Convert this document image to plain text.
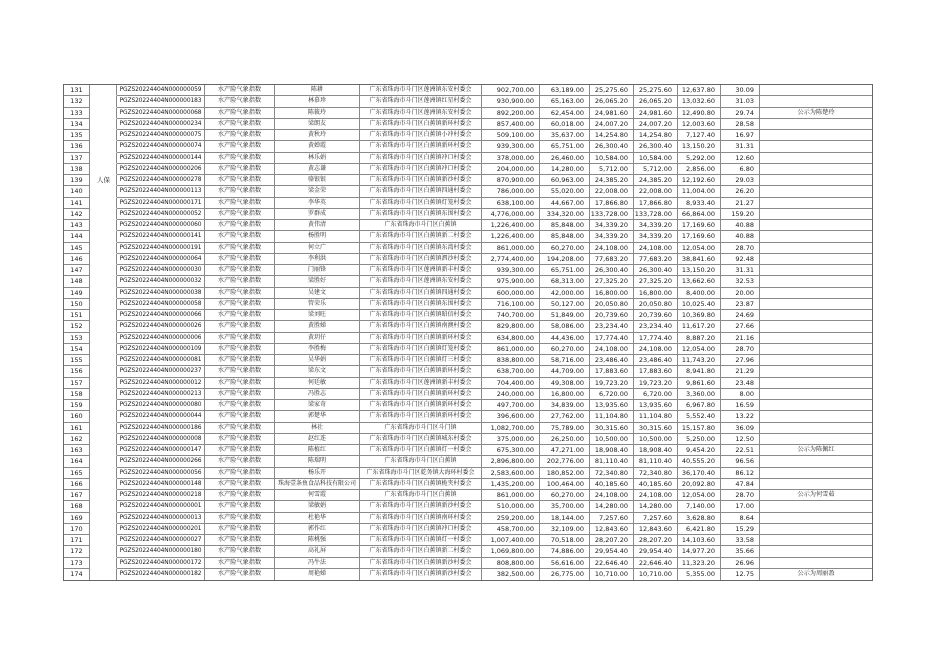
131	PGZS20224404N000000059	水产险气象指数	陈耕	广东省珠海市斗门区莲洲镇东安村委会	902,700.00	63,189.00	25,275.60	25,275.60	12,637.80	30.09
132	PGZS20224404N000000183	水产险气象指数	林慕珍	广东省珠海市斗门区莲洲镇红星村委会	930,900.00	65,163.00	26,065.20	26,065.20	13,032.60	31.03
133	PGZS20224404N000000068	水产险气象指数	陈筱玲	广东省珠海市斗门区莲洲镇东安村委会	892,200.00	62,454.00	24,981.60	24,981.60	12,490.80	29.74	公示为陈楚玲
134	PGZS20224404N000000234	水产险气象指数	梁朗友	广东省珠海市斗门区白蕉镇新环村委会	857,400.00	60,018.00	24,007.20	24,007.20	12,003.60	28.58
135	PGZS20224404N000000075	水产险气象指数	黄秋玲	广东省珠海市斗门区白蕉镇小冲村委会	509,100.00	35,637.00	14,254.80	14,254.80	7,127.40	16.97
136	PGZS20224404N000000074	水产险气象指数	黄婵霞	广东省珠海市斗门区白蕉镇新环村委会	939,300.00	65,751.00	26,300.40	26,300.40	13,150.20	31.31
137	PGZS20224404N000000144	水产险气象指数	林乐娟	广东省珠海市斗门区白蕉镇冲口村委会	378,000.00	26,460.00	10,584.00	10,584.00	5,292.00	12.60
138	PGZS20224404N000000206	水产险气象指数	黄志谦	广东省珠海市斗门区白蕉镇冲口村委会	204,000.00	14,280.00	5,712.00	5,712.00	2,856.00	6.80
139	PGZS20224404N000000278	水产险气象指数	骆银银	广东省珠海市斗门区白蕉镇新沙村委会	870,900.00	60,963.00	24,385.20	24,385.20	12,192.60	29.03
140	PGZS20224404N000000113	水产险气象指数	梁金荣	广东省珠海市斗门区白蕉镇四通村委会	786,000.00	55,020.00	22,008.00	22,008.00	11,004.00	26.20
141	PGZS20224404N000000171	水产险气象指数	李华英	广东省珠海市斗门区白蕉镇灯笼村委会	638,100.00	44,667.00	17,866.80	17,866.80	8,933.40	21.27
142	PGZS20224404N000000052	水产险气象指数	罗群成	广东省珠海市斗门区白蕉镇东围村委会	4,776,000.00	334,320.00	133,728.00	133,728.00	66,864.00	159.20
143	PGZS20224404N000000060	水产险气象指数	黄伟清	广东省珠海市斗门区白蕉镇	1,226,400.00	85,848.00	34,339.20	34,339.20	17,169.60	40.88
144	PGZS20224404N000000141	水产险气象指数	杨胜明	广东省珠海市斗门区白蕉镇新二村委会	1,226,400.00	85,848.00	34,339.20	34,339.20	17,169.60	40.88
145	PGZS20224404N000000191	水产险气象指数	何立广	广东省珠海市斗门区白蕉镇东湾村委会	861,000.00	60,270.00	24,108.00	24,108.00	12,054.00	28.70
146	PGZS20224404N000000064	水产险气象指数	李利洪	广东省珠海市斗门区白蕉镇泗沙村委会	2,774,400.00	194,208.00	77,683.20	77,683.20	38,841.60	92.48
147	PGZS20224404N000000030	水产险气象指数	门丽锋	广东省珠海市斗门区莲洲镇新丰村委会	939,300.00	65,751.00	26,300.40	26,300.40	13,150.20	31.31
148	PGZS20224404N000000032	水产险气象指数	梁胜好	广东省珠海市斗门区莲洲镇东安村委会	975,900.00	68,313.00	27,325.20	27,325.20	13,662.60	32.53
149	PGZS20224404N000000038	水产险气象指数	吴建文	广东省珠海市斗门区白蕉镇四通村委会	600,000.00	42,000.00	16,800.00	16,800.00	8,400.00	20.00
150	PGZS20224404N000000058	水产险气象指数	管荣乐	广东省珠海市斗门区白蕉镇东围村委会	716,100.00	50,127.00	20,050.80	20,050.80	10,025.40	23.87
151	PGZS20224404N000000066	水产险气象指数	梁刘旺	广东省珠海市斗门区白蕉镇昭信村委会	740,700.00	51,849.00	20,739.60	20,739.60	10,369.80	24.69
152	PGZS20224404N000000026	水产险气象指数	黄胜娣	广东省珠海市斗门区白蕉镇南澳村委会	829,800.00	58,086.00	23,234.40	23,234.40	11,617.20	27.66
153	PGZS20224404N000000006	水产险气象指数	黄玥仔	广东省珠海市斗门区白蕉镇新环村委会	634,800.00	44,436.00	17,774.40	17,774.40	8,887.20	21.16
154	PGZS20224404N000000109	水产险气象指数	李胜梅	广东省珠海市斗门区白蕉镇灯笼村委会	861,000.00	60,270.00	24,108.00	24,108.00	12,054.00	28.70
155	PGZS20224404N000000081	水产险气象指数	吴华娟	广东省珠海市斗门区白蕉镇灯三村委会	838,800.00	58,716.00	23,486.40	23,486.40	11,743.20	27.96
156	PGZS20224404N000000237	水产险气象指数	梁东文	广东省珠海市斗门区白蕉镇新环村委会	638,700.00	44,709.00	17,883.60	17,883.60	8,941.80	21.29
157	PGZS20224404N000000012	水产险气象指数	何廷敏	广东省珠海市斗门区莲洲镇新丰村委会	704,400.00	49,308.00	19,723.20	19,723.20	9,861.60	23.48
158	PGZS20224404N000000213	水产险气象指数	冯胜志	广东省珠海市斗门区白蕉镇新环村委会	240,000.00	16,800.00	6,720.00	6,720.00	3,360.00	8.00
159	PGZS20224404N000000080	水产险气象指数	梁家奇	广东省珠海市斗门区白蕉镇新环村委会	497,700.00	34,839.00	13,935.60	13,935.60	6,967.80	16.59
160	PGZS20224404N000000044	水产险气象指数	郭楚华	广东省珠海市斗门区白蕉镇新环村委会	396,600.00	27,762.00	11,104.80	11,104.80	5,552.40	13.22
161	PGZS20224404N000000186	水产险气象指数	林社	广东省珠海市斗门区斗门镇	1,082,700.00	75,789.00	30,315.60	30,315.60	15,157.80	36.09
162	PGZS20224404N000000008	水产险气象指数	赵红连	广东省珠海市斗门区白蕉镇城东村委会	375,000.00	26,250.00	10,500.00	10,500.00	5,250.00	12.50
163	PGZS20224404N000000147	水产险气象指数	陈植红	广东省珠海市斗门区白蕉镇灯一村委会	675,300.00	47,271.00	18,908.40	18,908.40	9,454.20	22.51	公示为陈佩红
164	PGZS20224404N000000266	水产险气象指数	陈瑞明	广东省珠海市斗门区白蕉镇	2,896,800.00	202,776.00	81,110.40	81,110.40	40,555.20	96.56
165	PGZS20224404N000000056	水产险气象指数	杨乐开	广东省珠海市斗门区乾务镇大海环村委会	2,583,600.00	180,852.00	72,340.80	72,340.80	36,170.40	86.12
166	PGZS20224404N000000148	水产险气象指数	珠海壹条鱼食品科技有限公司	广东省珠海市斗门区白蕉镇桅夹村委会	1,435,200.00	100,464.00	40,185.60	40,185.60	20,092.80	47.84
167	PGZS20224404N000000218	水产险气象指数	何雪霞	广东省珠海市斗门区白蕉镇	861,000.00	60,270.00	24,108.00	24,108.00	12,054.00	28.70	公示为何雪茹
168	PGZS20224404N000000001	水产险气象指数	梁敏娟	广东省珠海市斗门区白蕉镇新沙村委会	510,000.00	35,700.00	14,280.00	14,280.00	7,140.00	17.00
169	PGZS20224404N000000013	水产险气象指数	杜艳华	广东省珠海市斗门区白蕉镇南环村委会	259,200.00	18,144.00	7,257.60	7,257.60	3,628.80	8.64
170	PGZS20224404N000000201	水产险气象指数	郭作红	广东省珠海市斗门区白蕉镇冲口村委会	458,700.00	32,109.00	12,843.60	12,843.60	6,421.80	15.29
171	PGZS20224404N000000027	水产险气象指数	陈桃强	广东省珠海市斗门区白蕉镇灯一村委会	1,007,400.00	70,518.00	28,207.20	28,207.20	14,103.60	33.58
172	PGZS20224404N000000180	水产险气象指数	高礼屏	广东省珠海市斗门区白蕉镇新二村委会	1,069,800.00	74,886.00	29,954.40	29,954.40	14,977.20	35.66
173	PGZS20224404N000000172	水产险气象指数	冯牛法	广东省珠海市斗门区白蕉镇新沙村委会	808,800.00	56,616.00	22,646.40	22,646.40	11,323.20	26.96
174	PGZS20224404N000000182	水产险气象指数	周艳娣	广东省珠海市斗门区白蕉镇新沙村委会	382,500.00	26,775.00	10,710.00	10,710.00	5,355.00	12.75	公示为周丽盈
人保
